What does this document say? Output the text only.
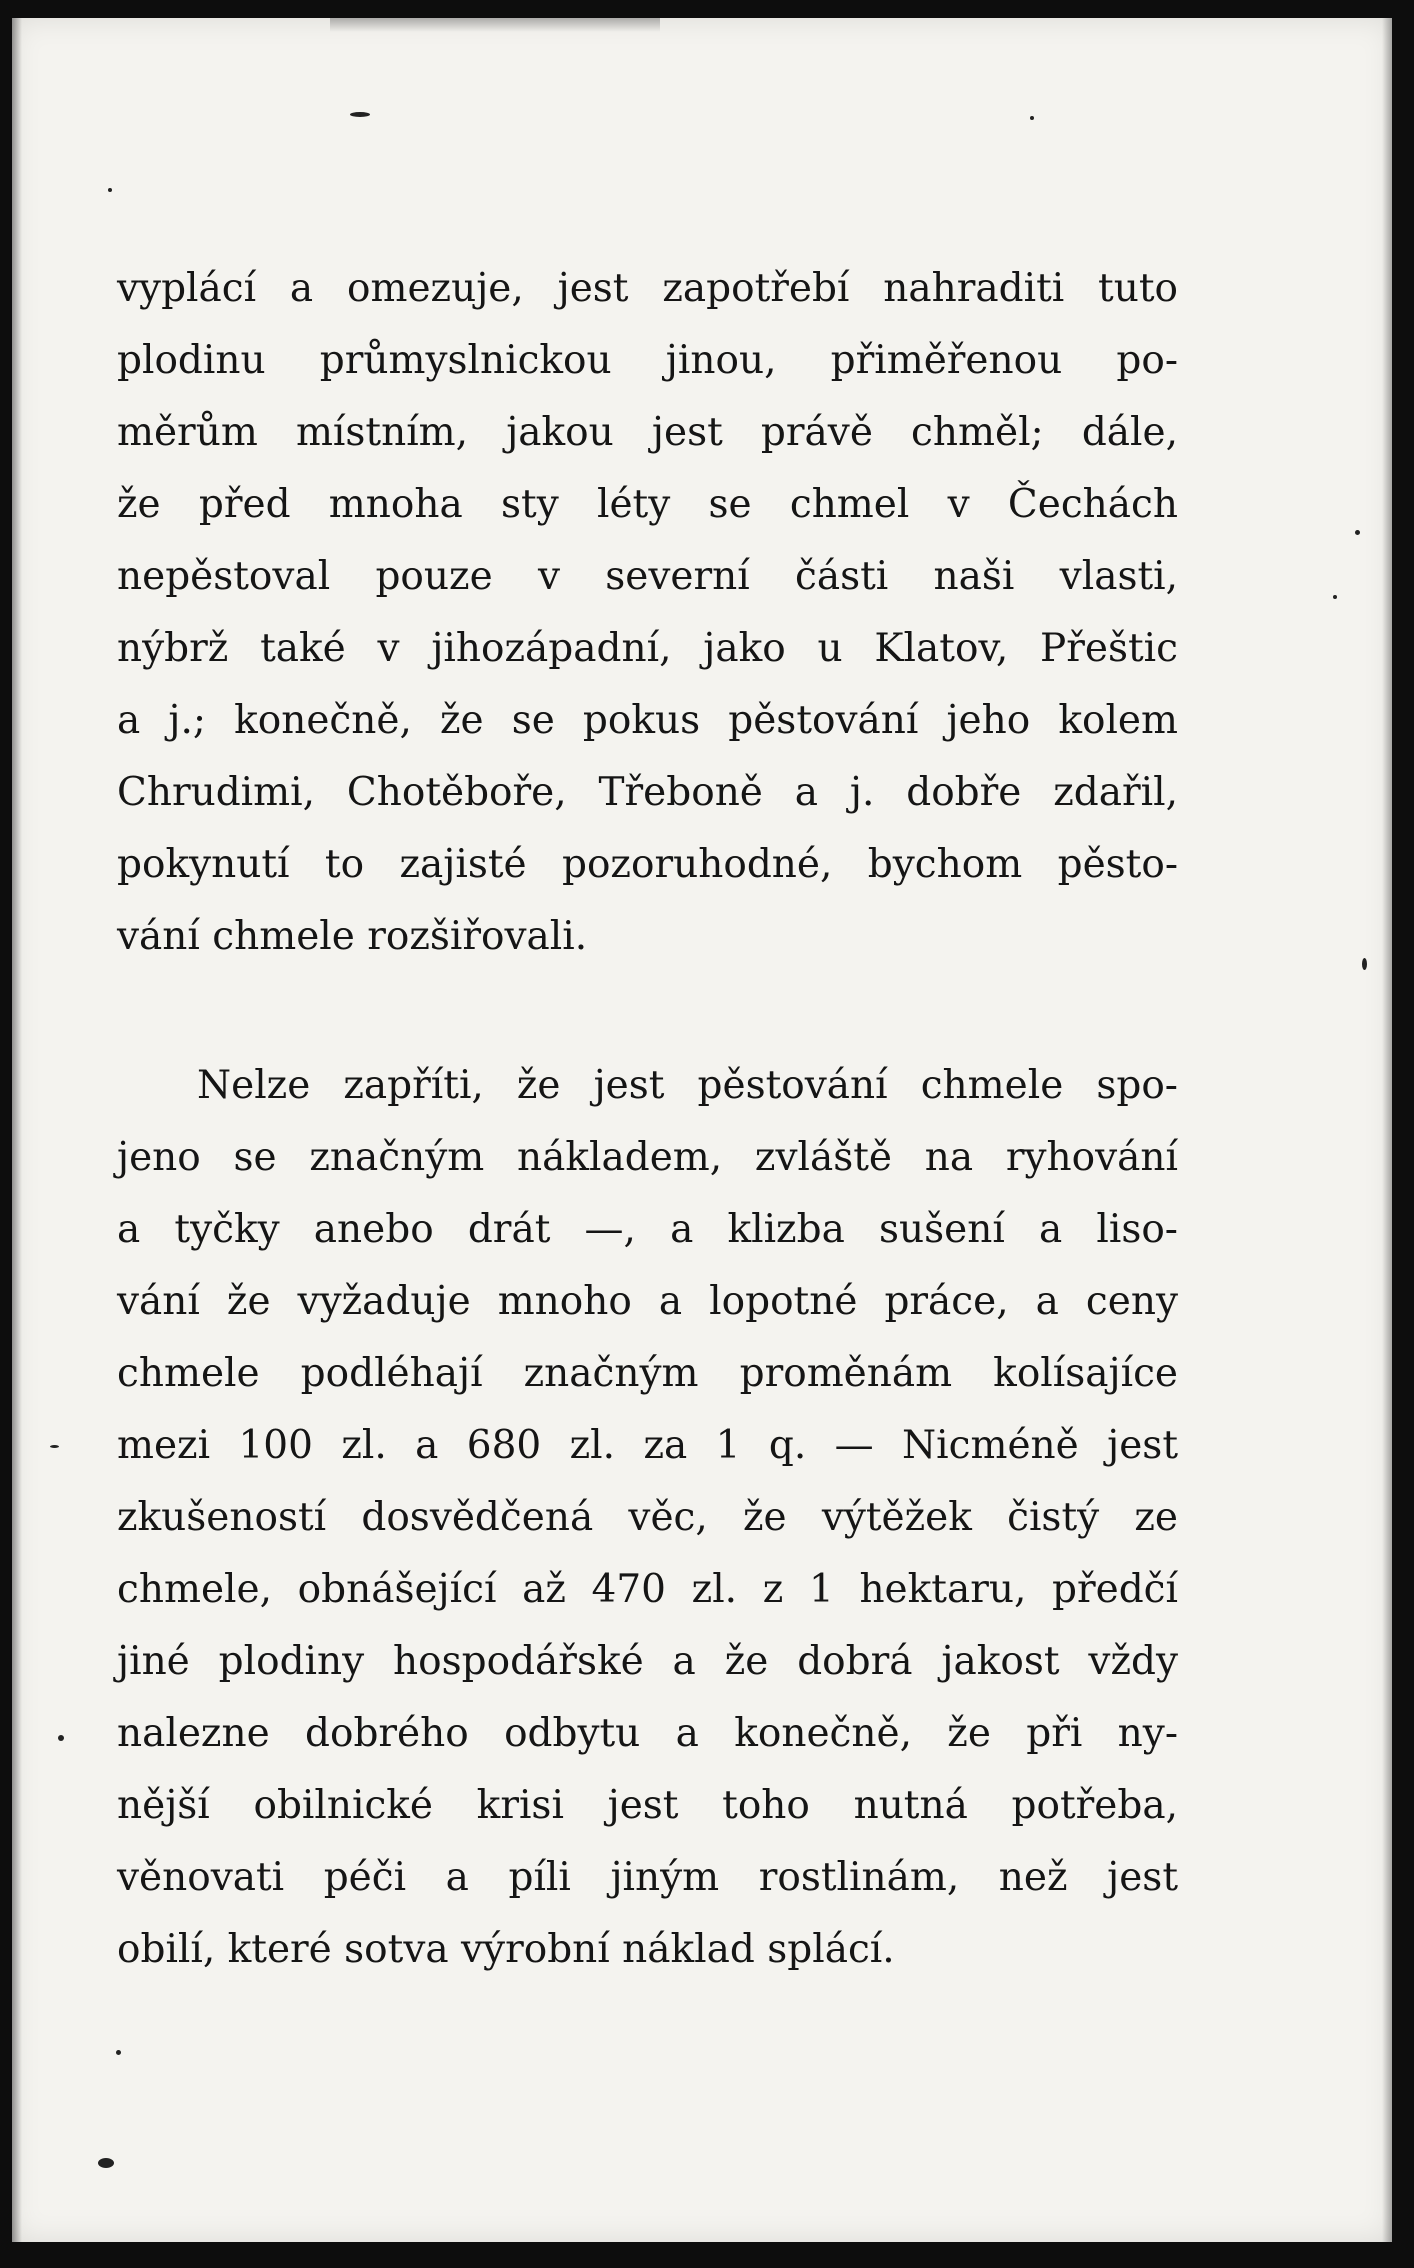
vyplácí a omezuje, jest zapotřebí nahraditi tuto
plodinu průmyslnickou jinou, přiměřenou po-
měrům místním, jakou jest právě chměl; dále,
že před mnoha sty léty se chmel v Čechách
nepěstoval pouze v severní části naši vlasti,
nýbrž také v jihozápadní, jako u Klatov, Přeštic
a j.; konečně, že se pokus pěstování jeho kolem
Chrudimi, Chotěboře, Třeboně a j. dobře zdařil,
pokynutí to zajisté pozoruhodné, bychom pěsto-
vání chmele rozšiřovali.
Nelze zapříti, že jest pěstování chmele spo-
jeno se značným nákladem, zvláště na ryhování
a tyčky anebo drát —, a klizba sušení a liso-
vání že vyžaduje mnoho a lopotné práce, a ceny
chmele podléhají značným proměnám kolísajíce
mezi 100 zl. a 680 zl. za 1 q. — Nicméně jest
zkušeností dosvědčená věc, že výtěžek čistý ze
chmele, obnášející až 470 zl. z 1 hektaru, předčí
jiné plodiny hospodářské a že dobrá jakost vždy
nalezne dobrého odbytu a konečně, že při ny-
nější obilnické krisi jest toho nutná potřeba,
věnovati péči a píli jiným rostlinám, než jest
obilí, které sotva výrobní náklad splácí.
